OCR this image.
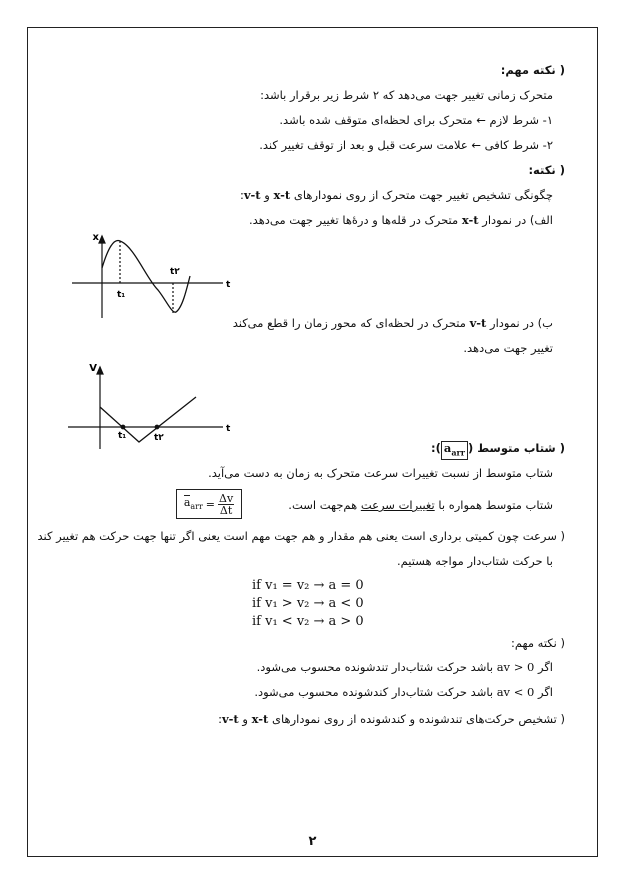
( نکته مهم:
متحرک زمانی تغییر جهت می‌دهد که ۲ شرط زیر برقرار باشد:
۱- شرط لازم ← متحرک برای لحظه‌ای متوقف شده باشد.
۲- شرط کافی ← علامت سرعت قبل و بعد از توقف تغییر کند.
( نکته:
چگونگی تشخیص تغییر جهت متحرک از روی نمودارهای x-t و v-t:
الف) در نمودار x-t متحرک در قله‌ها و درهٔ‌ها تغییر جهت می‌دهد.
x
t
t₁
t۲
ب) در نمودار v-t متحرک در لحظه‌ای که محور زمان را قطع می‌کند
تغییر جهت می‌دهد.
V
t
t₁	t۲
( شتاب متوسط $(a_{arr})$:
شتاب متوسط از نسبت تغییرات سرعت متحرک به زمان به دست می‌آید.
شتاب متوسط همواره با تغییرات سرعت هم‌جهت است.
$a_{arr} = \frac{\Delta v}{\Delta t}$
( سرعت چون کمیتی برداری است یعنی هم مقدار و هم جهت مهم است یعنی اگر تنها جهت حرکت هم تغییر کند
با حرکت شتاب‌دار مواجه هستیم.
if v₁ = v₂ → a = 0
if v₁ > v₂ → a < 0
if v₁ < v₂ → a > 0
( نکته مهم:
اگر av > 0 باشد حرکت شتاب‌دار تندشونده محسوب می‌شود.
اگر av < 0 باشد حرکت شتاب‌دار کندشونده محسوب می‌شود.
( تشخیص حرکت‌های تندشونده و کندشونده از روی نمودارهای x-t و v-t:
۲
